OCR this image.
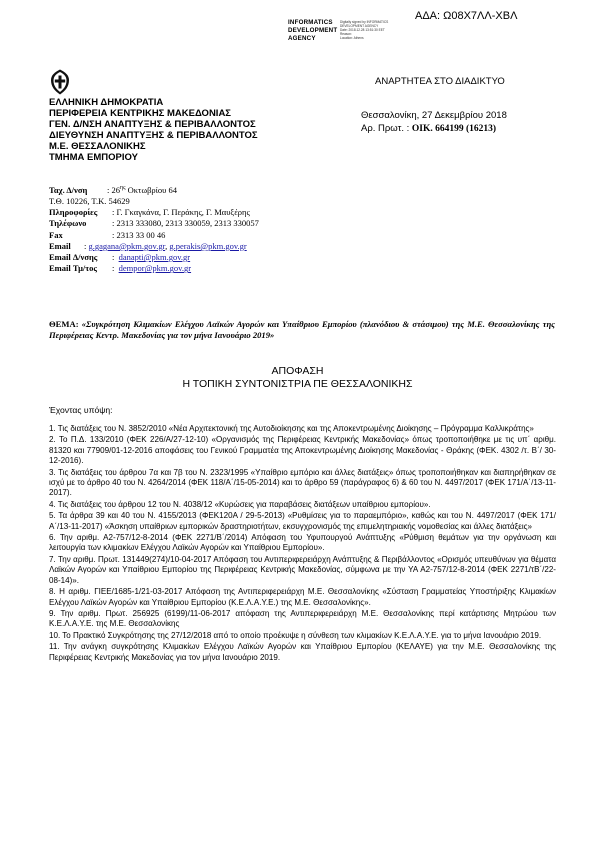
ΑΔΑ: Ω08Χ7ΛΛ-ΧΒΛ
INFORMATICS
DEVELOPMENT
AGENCY
Digitally signed by INFORMATICS
DEVELOPMENT AGENCY
Date: 2018.12.28 13:51:30 EET
Reason:
Location: Athens
ΑΝΑΡΤΗΤΕΑ ΣΤΟ ΔΙΑΔΙΚΤΥΟ
ΕΛΛΗΝΙΚΗ ΔΗΜΟΚΡΑΤΙΑ
ΠΕΡΙΦΕΡΕΙΑ ΚΕΝΤΡΙΚΗΣ ΜΑΚΕΔΟΝΙΑΣ
ΓΕΝ. Δ/ΝΣΗ ΑΝΑΠΤΥΞΗΣ & ΠΕΡΙΒΑΛΛΟΝΤΟΣ
ΔΙΕΥΘΥΝΣΗ ΑΝΑΠΤΥΞΗΣ & ΠΕΡΙΒΑΛΛΟΝΤΟΣ
Μ.Ε. ΘΕΣΣΑΛΟΝΙΚΗΣ
ΤΜΗΜΑ ΕΜΠΟΡΙΟΥ
Θεσσαλονίκη, 27 Δεκεμβρίου 2018
Αρ. Πρωτ. : ΟΙΚ. 664199 (16213)
Ταχ. Δ/νση : $26^{\eta\varsigma}$ Οκτωβρίου 64
Τ.Θ. 10226, Τ.Κ. 54629
Πληροφορίες : Γ. Γκαγκάνα, Γ. Περάκης, Γ. Μαυξέρης
Τηλέφωνο	: 2313 333080, 2313 330059, 2313 330057
Fax	: 2313 33 00 46
Email : g.gagana@pkm.gov.gr, g.perakis@pkm.gov.gr
Email Δ/νσης : danapti@pkm.gov.gr
Email Τμ/τος : dempor@pkm.gov.gr
ΘΕΜΑ: «Συγκρότηση Κλιμακίων Ελέγχου Λαϊκών Αγορών και Υπαίθριου Εμπορίου (πλανόδιου & στάσιμου) της Μ.Ε. Θεσσαλονίκης της Περιφέρειας Κεντρ. Μακεδονίας για τον μήνα Ιανουάριο 2019»
ΑΠΟΦΑΣΗ
Η ΤΟΠΙΚΗ ΣΥΝΤΟΝΙΣΤΡΙΑ ΠΕ ΘΕΣΣΑΛΟΝΙΚΗΣ
Έχοντας υπόψη:

1. Τις διατάξεις του Ν. 3852/2010 «Νέα Αρχιτεκτονική της Αυτοδιοίκησης και της Αποκεντρωμένης Διοίκησης – Πρόγραμμα Καλλικράτης»

2. Το Π.Δ. 133/2010 (ΦΕΚ 226/Α/27-12-10) «Οργανισμός της Περιφέρειας Κεντρικής Μακεδονίας» όπως τροποποιήθηκε με τις υπ΄ αριθμ. 81320 και 77909/01-12-2016 αποφάσεις του Γενικού Γραμματέα της Αποκεντρωμένης Διοίκησης Μακεδονίας - Θράκης (ΦΕΚ. 4302 /τ. Β΄/ 30-12-2016).

3. Τις διατάξεις του άρθρου 7α και 7β του Ν. 2323/1995 «Υπαίθριο εμπόριο και άλλες διατάξεις» όπως τροποποιήθηκαν και διαπηρήθηκαν σε ισχύ με το άρθρο 40 του Ν. 4264/2014 (ΦΕΚ 118/Α΄/15-05-2014) και το άρθρο 59 (παράγραφος 6) & 60 του Ν. 4497/2017 (ΦΕΚ 171/Α΄/13-11-2017).

4. Τις διατάξεις του άρθρου 12 του Ν. 4038/12 «Κυρώσεις για παραβάσεις διατάξεων υπαίθριου εμπορίου».

5. Τα άρθρα 39 και 40 του Ν. 4155/2013 (ΦΕΚ120Α / 29-5-2013) «Ρυθμίσεις για το παραεμπόριο», καθώς και του Ν. 4497/2017 (ΦΕΚ 171/Α΄/13-11-2017) «Άσκηση υπαίθριων εμπορικών δραστηριοτήτων, εκσυγχρονισμός της επιμελητηριακής νομοθεσίας και άλλες διατάξεις»

6. Την αριθμ. Α2-757/12-8-2014 (ΦΕΚ 2271/Β΄/2014) Απόφαση του Υφυπουργού Ανάπτυξης «Ρύθμιση θεμάτων για την οργάνωση και λειτουργία των κλιμακίων Ελέγχου Λαϊκών Αγορών και Υπαίθριου Εμπορίου».

7. Την αριθμ. Πρωτ. 131449(274)/10-04-2017 Απόφαση του Αντιπεριφερειάρχη Ανάπτυξης & Περιβάλλοντος «Ορισμός υπευθύνων για θέματα Λαϊκών Αγορών και Υπαίθριου Εμπορίου της Περιφέρειας Κεντρικής Μακεδονίας, σύμφωνα με την ΥΑ Α2-757/12-8-2014 (ΦΕΚ 2271/τΒ΄/22-08-14)».

8. Η αριθμ. ΓΙΕΕ/1685-1/21-03-2017 Απόφαση της Αντιπεριφερειάρχη Μ.Ε. Θεσσαλονίκης «Σύσταση Γραμματείας Υποστήριξης Κλιμακίων Ελέγχου Λαϊκών Αγορών και Υπαίθριου Εμπορίου (Κ.Ε.Λ.Α.Υ.Ε.) της Μ.Ε. Θεσσαλονίκης».

9. Την αριθμ. Πρωτ. 256925 (6199)/11-06-2017 απόφαση της Αντιπεριφερειάρχη Μ.Ε. Θεσσαλονίκης περί κατάρτισης Μητρώου των Κ.Ε.Λ.Α.Υ.Ε. της Μ.Ε. Θεσσαλονίκης

10. Το Πρακτικό Συγκρότησης της 27/12/2018 από το οποίο προέκυψε η σύνθεση των κλιμακίων Κ.Ε.Λ.Α.Υ.Ε. για το μήνα Ιανουάριο 2019.

11. Την ανάγκη συγκρότησης Κλιμακίων Ελέγχου Λαϊκών Αγορών και Υπαίθριου Εμπορίου (ΚΕΛΑΥΕ) για την Μ.Ε. Θεσσαλονίκης της Περιφέρειας Κεντρικής Μακεδονίας για τον μήνα Ιανουάριο 2019.
